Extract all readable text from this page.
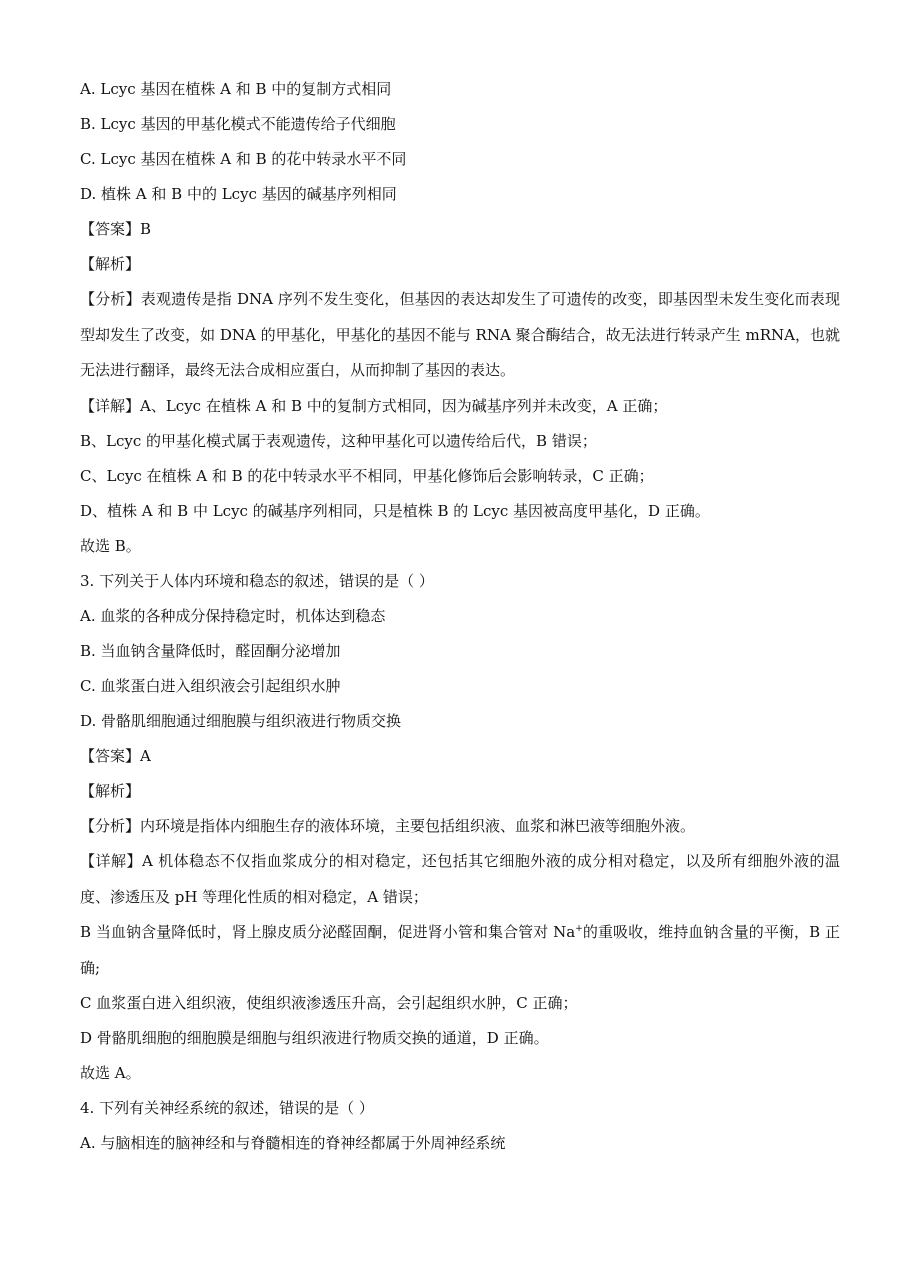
A. Lcyc 基因在植株 A 和 B 中的复制方式相同
B. Lcyc 基因的甲基化模式不能遗传给子代细胞
C. Lcyc 基因在植株 A 和 B 的花中转录水平不同
D. 植株 A 和 B 中的 Lcyc 基因的碱基序列相同
【答案】B
【解析】
【分析】表观遗传是指 DNA 序列不发生变化，但基因的表达却发生了可遗传的改变，即基因型未发生变化而表现型却发生了改变，如 DNA 的甲基化，甲基化的基因不能与 RNA 聚合酶结合，故无法进行转录产生 mRNA，也就无法进行翻译，最终无法合成相应蛋白，从而抑制了基因的表达。
【详解】A、Lcyc 在植株 A 和 B 中的复制方式相同，因为碱基序列并未改变，A 正确；
B、Lcyc 的甲基化模式属于表观遗传，这种甲基化可以遗传给后代，B 错误；
C、Lcyc 在植株 A 和 B 的花中转录水平不相同，甲基化修饰后会影响转录，C 正确；
D、植株 A 和 B 中 Lcyc 的碱基序列相同，只是植株 B 的 Lcyc 基因被高度甲基化，D 正确。
故选 B。
3. 下列关于人体内环境和稳态的叙述，错误的是（ ）
A. 血浆的各种成分保持稳定时，机体达到稳态
B. 当血钠含量降低时，醛固酮分泌增加
C. 血浆蛋白进入组织液会引起组织水肿
D. 骨骼肌细胞通过细胞膜与组织液进行物质交换
【答案】A
【解析】
【分析】内环境是指体内细胞生存的液体环境，主要包括组织液、血浆和淋巴液等细胞外液。
【详解】A 机体稳态不仅指血浆成分的相对稳定，还包括其它细胞外液的成分相对稳定，以及所有细胞外液的温度、渗透压及 pH 等理化性质的相对稳定，A 错误；
B 当血钠含量降低时，肾上腺皮质分泌醛固酮，促进肾小管和集合管对 Na+的重吸收，维持血钠含量的平衡，B 正确;
C 血浆蛋白进入组织液，使组织液渗透压升高，会引起组织水肿，C 正确；
D 骨骼肌细胞的细胞膜是细胞与组织液进行物质交换的通道，D 正确。
故选 A。
4. 下列有关神经系统的叙述，错误的是（ ）
A. 与脑相连的脑神经和与脊髓相连的脊神经都属于外周神经系统
